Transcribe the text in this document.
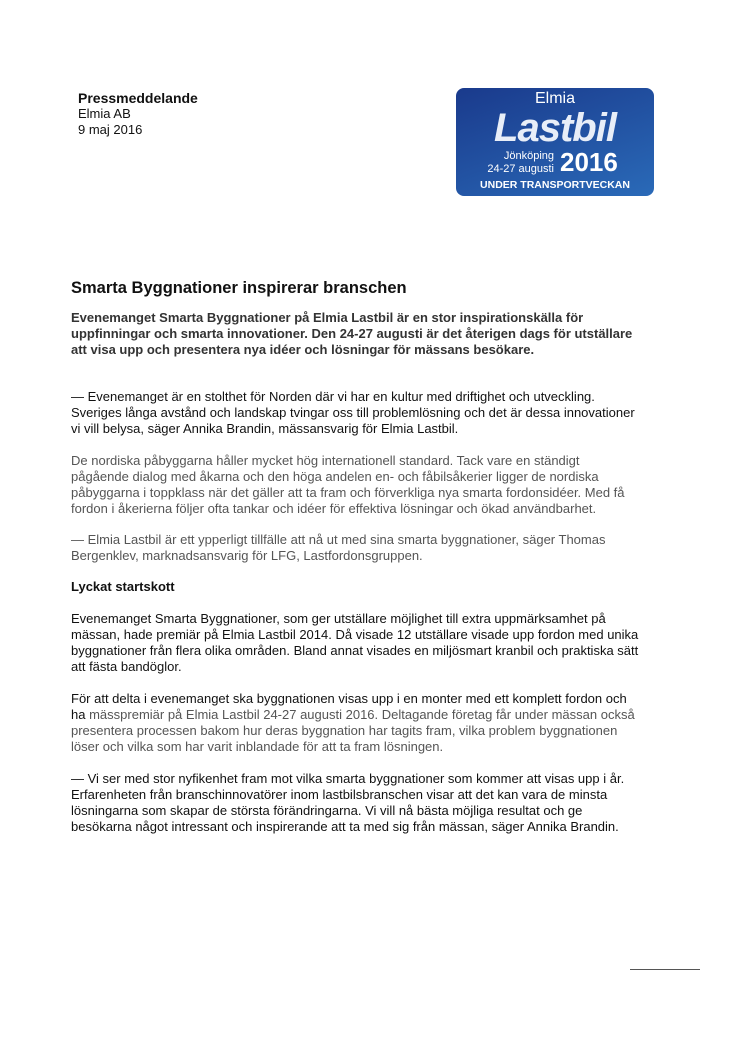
Pressmeddelande
Elmia AB
9 maj 2016
Elmia
Lastbil
Jönköping
24-27 augusti 2016
UNDER TRANSPORTVECKAN
Smarta Byggnationer inspirerar branschen
Evenemanget Smarta Byggnationer på Elmia Lastbil är en stor inspirationskälla för
uppfinningar och smarta innovationer. Den 24-27 augusti är det återigen dags för utställare
att visa upp och presentera nya idéer och lösningar för mässans besökare.
— Evenemanget är en stolthet för Norden där vi har en kultur med driftighet och utveckling.
Sveriges långa avstånd och landskap tvingar oss till problemlösning och det är dessa innovationer
vi vill belysa, säger Annika Brandin, mässansvarig för Elmia Lastbil.
De nordiska påbyggarna håller mycket hög internationell standard. Tack vare en ständigt
pågående dialog med åkarna och den höga andelen en- och fåbilsåkerier ligger de nordiska
påbyggarna i toppklass när det gäller att ta fram och förverkliga nya smarta fordonsidéer. Med få
fordon i åkerierna följer ofta tankar och idéer för effektiva lösningar och ökad användbarhet.
— Elmia Lastbil är ett ypperligt tillfälle att nå ut med sina smarta byggnationer, säger Thomas
Bergenklev, marknadsansvarig för LFG, Lastfordonsgruppen.
Lyckat startskott
Evenemanget Smarta Byggnationer, som ger utställare möjlighet till extra uppmärksamhet på
mässan, hade premiär på Elmia Lastbil 2014. Då visade 12 utställare visade upp fordon med unika
byggnationer från flera olika områden. Bland annat visades en miljösmart kranbil och praktiska sätt
att fästa bandöglor.
För att delta i evenemanget ska byggnationen visas upp i en monter med ett komplett fordon och
ha mässpremiär på Elmia Lastbil 24-27 augusti 2016. Deltagande företag får under mässan också
presentera processen bakom hur deras byggnation har tagits fram, vilka problem byggnationen
löser och vilka som har varit inblandade för att ta fram lösningen.
— Vi ser med stor nyfikenhet fram mot vilka smarta byggnationer som kommer att visas upp i år.
Erfarenheten från branschinnovatörer inom lastbilsbranschen visar att det kan vara de minsta
lösningarna som skapar de största förändringarna. Vi vill nå bästa möjliga resultat och ge
besökarna något intressant och inspirerande att ta med sig från mässan, säger Annika Brandin.
